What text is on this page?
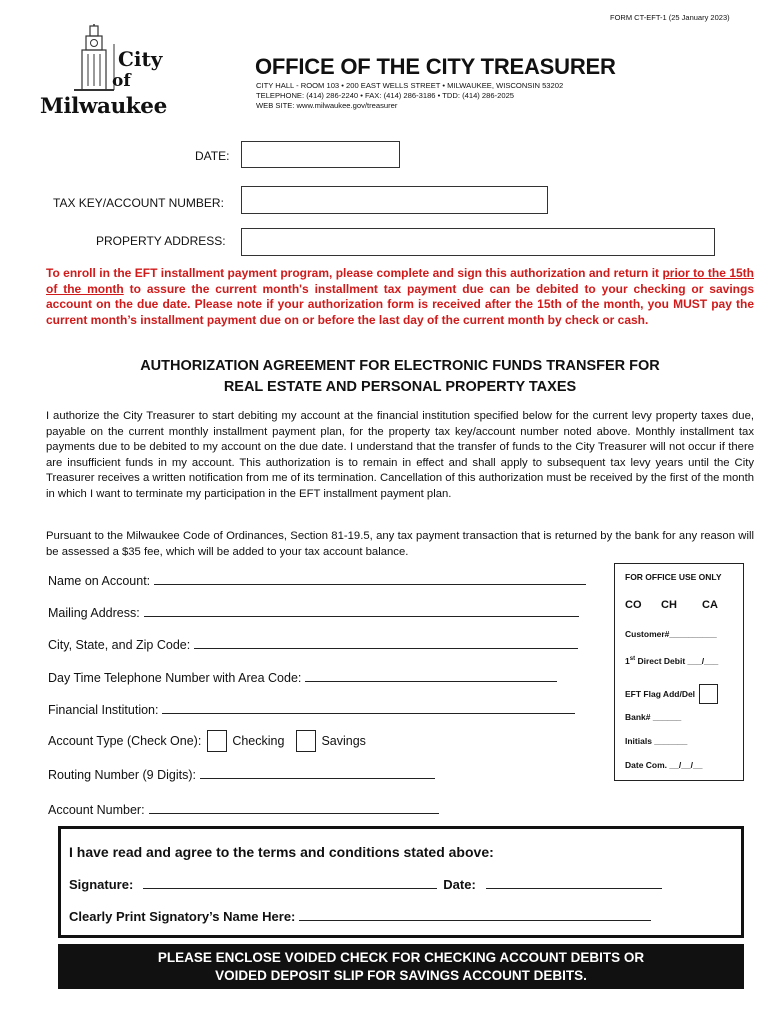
FORM CT-EFT-1 (25 January 2023)
City
of
Milwaukee
OFFICE OF THE CITY TREASURER
CITY HALL - ROOM 103 • 200 EAST WELLS STREET • MILWAUKEE, WISCONSIN 53202
TELEPHONE: (414) 286-2240 • FAX: (414) 286-3186 • TDD: (414) 286-2025
WEB SITE: www.milwaukee.gov/treasurer
DATE:
TAX KEY/ACCOUNT NUMBER:
PROPERTY ADDRESS:
To enroll in the EFT installment payment program, please complete and sign this authorization and return it prior to the 15th of the month to assure the current month's installment tax payment due can be debited to your checking or savings account on the due date. Please note if your authorization form is received after the 15th of the month, you MUST pay the current month’s installment payment due on or before the last day of the current month by check or cash.
AUTHORIZATION AGREEMENT FOR ELECTRONIC FUNDS TRANSFER FOR
REAL ESTATE AND PERSONAL PROPERTY TAXES
I authorize the City Treasurer to start debiting my account at the financial institution specified below for the current levy property taxes due, payable on the current monthly installment payment plan, for the property tax key/account number noted above. Monthly installment tax payments due to be debited to my account on the due date. I understand that the transfer of funds to the City Treasurer will not occur if there are insufficient funds in my account. This authorization is to remain in effect and shall apply to subsequent tax levy years until the City Treasurer receives a written notification from me of its termination. Cancellation of this authorization must be received by the first of the month in which I want to terminate my participation in the EFT installment payment plan.
Pursuant to the Milwaukee Code of Ordinances, Section 81-19.5, any tax payment transaction that is returned by the bank for any reason will be assessed a $35 fee, which will be added to your tax account balance.
Name on Account:
Mailing Address:
City, State, and Zip Code:
Day Time Telephone Number with Area Code:
Financial Institution:
Account Type (Check One): Checking	Savings
Routing Number (9 Digits):
Account Number:
FOR OFFICE USE ONLY
CO CH CA
Customer#__________
1st Direct Debit ___/___
EFT Flag Add/Del
Bank# ______
Initials _______
Date Com. __/__/__
I have read and agree to the terms and conditions stated above:
Signature:	Date:
Clearly Print Signatory’s Name Here:
PLEASE ENCLOSE VOIDED CHECK FOR CHECKING ACCOUNT DEBITS OR
VOIDED DEPOSIT SLIP FOR SAVINGS ACCOUNT DEBITS.
